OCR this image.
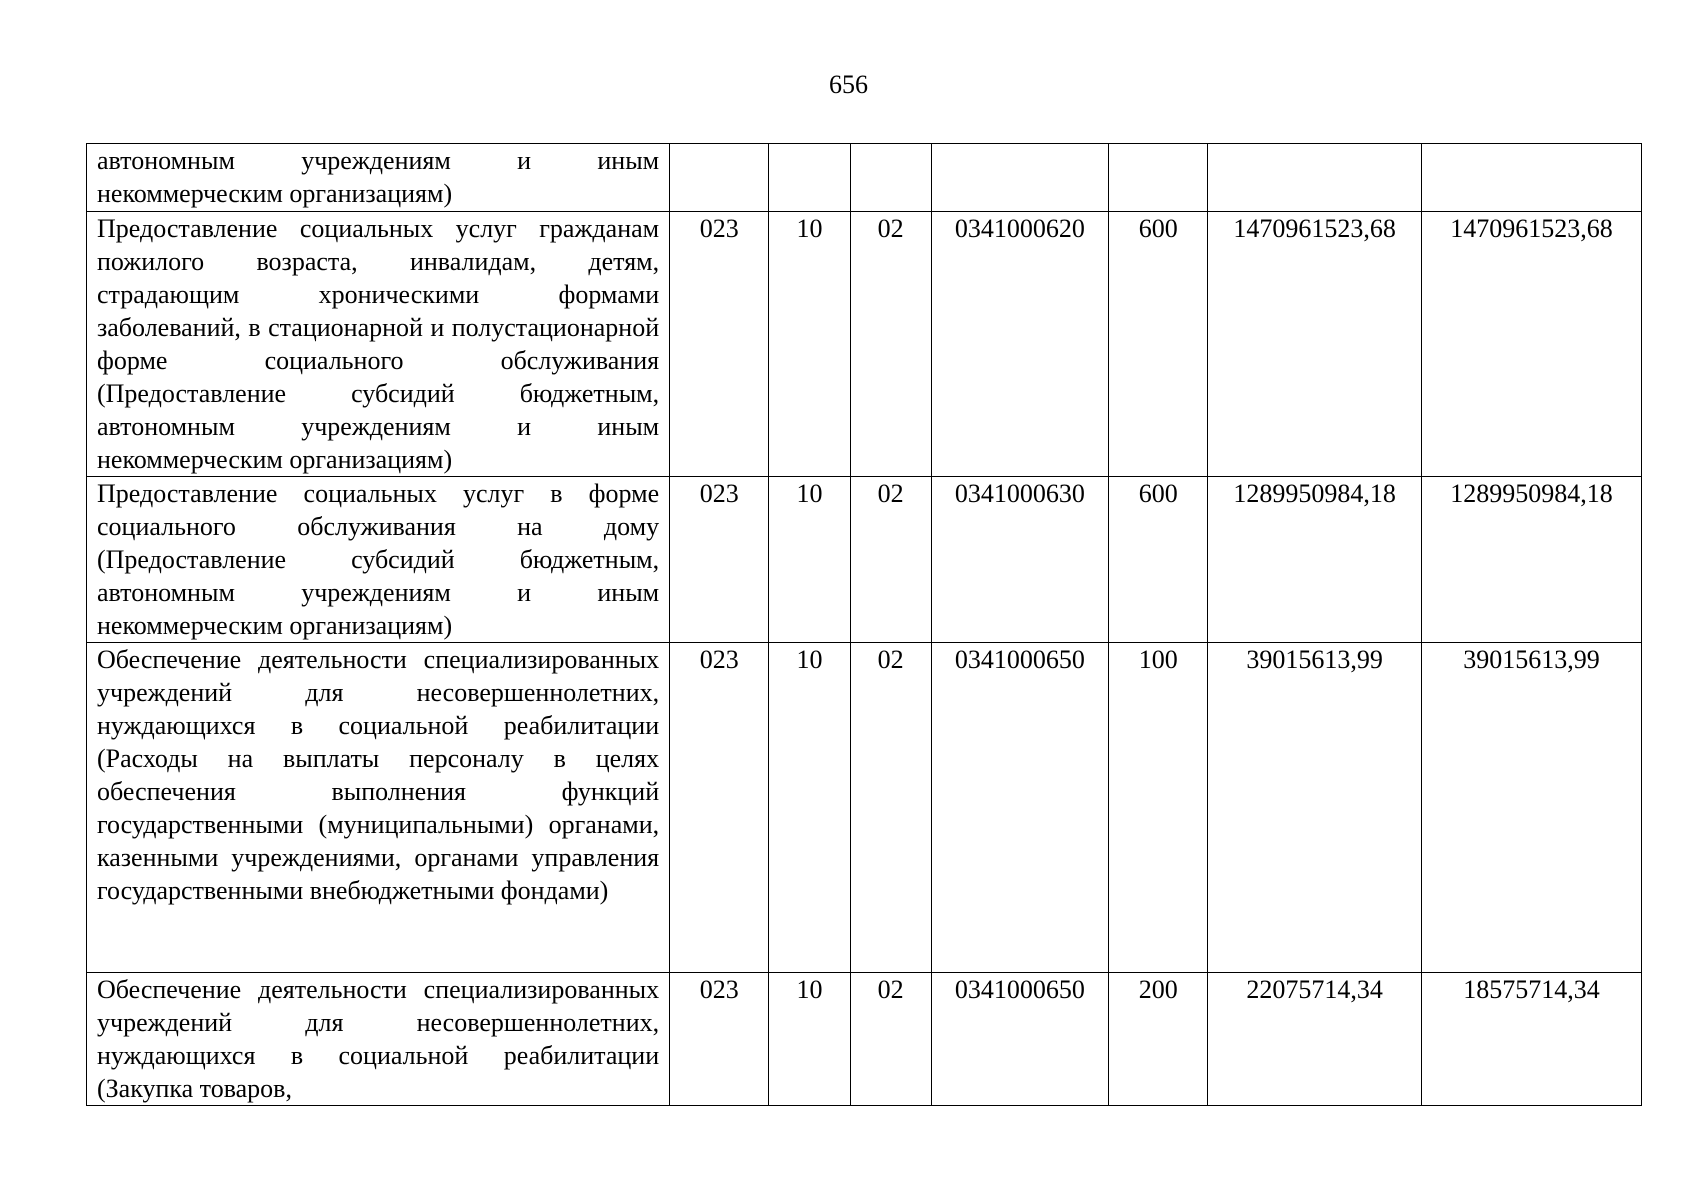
656
автономным учреждениям и иным некоммерческим организациям)							
Предоставление социальных услуг гражданам пожилого возраста, инвалидам, детям, страдающим хроническими формами заболеваний, в стационарной и полустационарной форме социального обслуживания (Предоставление субсидий бюджетным, автономным учреждениям и иным некоммерческим организациям)	023	10	02	0341000620	600	1470961523,68	1470961523,68
Предоставление социальных услуг в форме социального обслуживания на дому (Предоставление субсидий бюджетным, автономным учреждениям и иным некоммерческим организациям)	023	10	02	0341000630	600	1289950984,18	1289950984,18
Обеспечение деятельности специализированных учреждений для несовершеннолетних, нуждающихся в социальной реабилитации (Расходы на выплаты персоналу в целях обеспечения выполнения функций государственными (муниципальными) органами, казенными учреждениями, органами управления государственными внебюджетными фондами)	023	10	02	0341000650	100	39015613,99	39015613,99
Обеспечение деятельности специализированных учреждений для несовершеннолетних, нуждающихся в социальной реабилитации (Закупка товаров,	023	10	02	0341000650	200	22075714,34	18575714,34
